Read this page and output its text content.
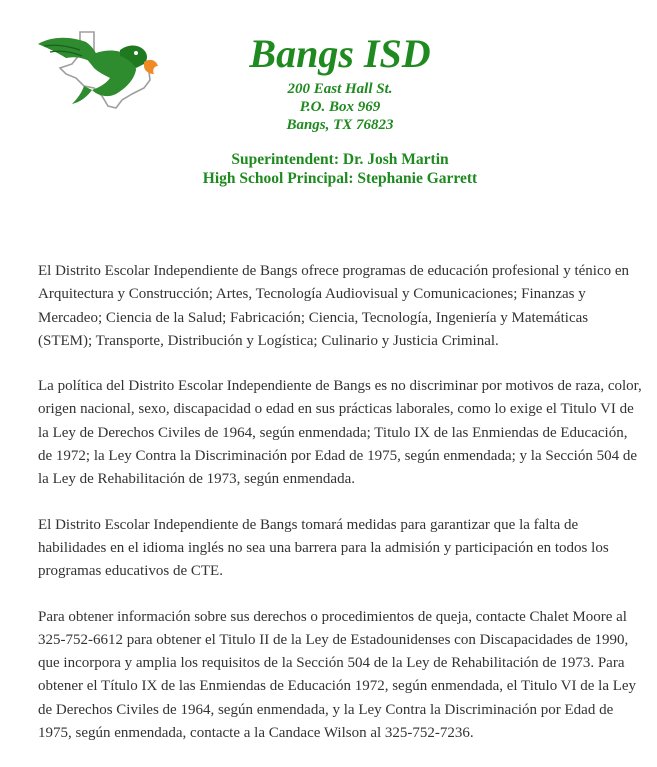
Bangs ISD
200 East Hall St.
P.O. Box 969
Bangs, TX 76823
Superintendent: Dr. Josh Martin
High School Principal: Stephanie Garrett

El Distrito Escolar Independiente de Bangs ofrece programas de educación profesional y ténico en Arquitectura y Construcción; Artes, Tecnología Audiovisual y Comunicaciones; Finanzas y Mercadeo; Ciencia de la Salud; Fabricación; Ciencia, Tecnología, Ingeniería y Matemáticas (STEM); Transporte, Distribución y Logística; Culinario y Justicia Criminal.

La política del Distrito Escolar Independiente de Bangs es no discriminar por motivos de raza, color, origen nacional, sexo, discapacidad o edad en sus prácticas laborales, como lo exige el Titulo VI de la Ley de Derechos Civiles de 1964, según enmendada; Titulo IX de las Enmiendas de Educación, de 1972; la Ley Contra la Discriminación por Edad de 1975, según enmendada; y la Sección 504 de la Ley de Rehabilitación de 1973, según enmendada.

El Distrito Escolar Independiente de Bangs tomará medidas para garantizar que la falta de habilidades en el idioma inglés no sea una barrera para la admisión y participación en todos los programas educativos de CTE.

Para obtener información sobre sus derechos o procedimientos de queja, contacte Chalet Moore al 325-752-6612 para obtener el Titulo II de la Ley de Estadounidenses con Discapacidades de 1990, que incorpora y amplia los requisitos de la Sección 504 de la Ley de Rehabilitación de 1973. Para obtener el Título IX de las Enmiendas de Educación 1972, según enmendada, el Titulo VI de la Ley de Derechos Civiles de 1964, según enmendada, y la Ley Contra la Discriminación por Edad de 1975, según enmendada, contacte a la Candace Wilson al 325-752-7236.
